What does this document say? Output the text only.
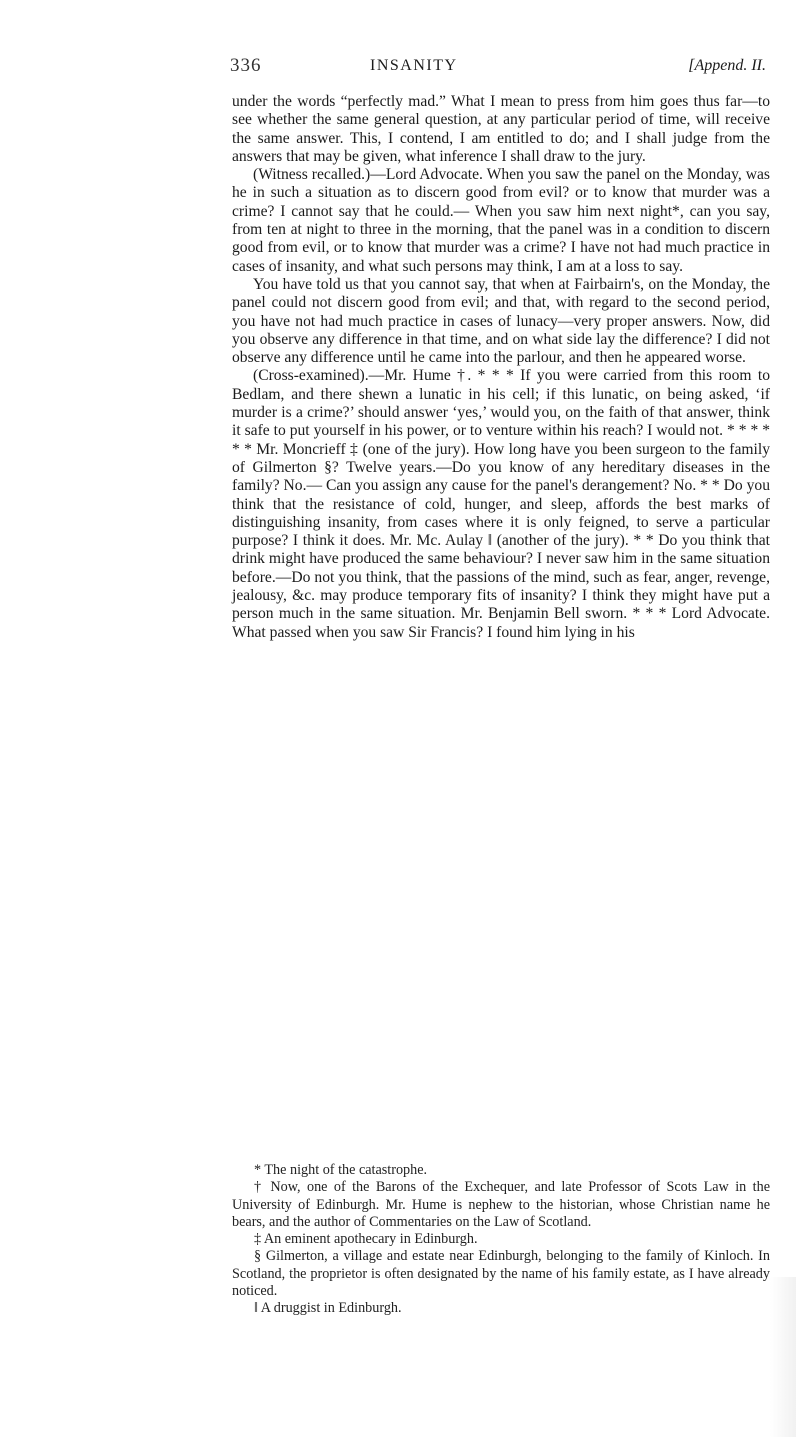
336	INSANITY	[Append. II.

under the words “perfectly mad.” What I mean to press from him goes thus far—to see whether the same general question, at any particular period of time, will receive the same answer. This, I contend, I am entitled to do; and I shall judge from the answers that may be given, what inference I shall draw to the jury.

(Witness recalled.)—Lord Advocate. When you saw the panel on the Monday, was he in such a situation as to discern good from evil? or to know that murder was a crime? I cannot say that he could.— When you saw him next night*, can you say, from ten at night to three in the morning, that the panel was in a condition to discern good from evil, or to know that murder was a crime? I have not had much practice in cases of insanity, and what such persons may think, I am at a loss to say.

You have told us that you cannot say, that when at Fairbairn's, on the Monday, the panel could not discern good from evil; and that, with regard to the second period, you have not had much practice in cases of lunacy—very proper answers. Now, did you observe any difference in that time, and on what side lay the difference? I did not observe any difference until he came into the parlour, and then he appeared worse.

(Cross-examined).—Mr. Hume †. * * * If you were carried from this room to Bedlam, and there shewn a lunatic in his cell; if this lunatic, on being asked, ‘if murder is a crime?’ should answer ‘yes,’ would you, on the faith of that answer, think it safe to put yourself in his power, or to venture within his reach? I would not. * * * * * * Mr. Moncrieff ‡ (one of the jury). How long have you been surgeon to the family of Gilmerton §? Twelve years.—Do you know of any hereditary diseases in the family? No.— Can you assign any cause for the panel's derangement? No. * * Do you think that the resistance of cold, hunger, and sleep, affords the best marks of distinguishing insanity, from cases where it is only feigned, to serve a particular purpose? I think it does. Mr. Mc. Aulay ‖ (another of the jury). * * Do you think that drink might have produced the same behaviour? I never saw him in the same situation before.—Do not you think, that the passions of the mind, such as fear, anger, revenge, jealousy, &c. may produce temporary fits of insanity? I think they might have put a person much in the same situation. Mr. Benjamin Bell sworn. * * * Lord Advocate. What passed when you saw Sir Francis? I found him lying in his

* The night of the catastrophe.

† Now, one of the Barons of the Exchequer, and late Professor of Scots Law in the University of Edinburgh. Mr. Hume is nephew to the historian, whose Christian name he bears, and the author of Commentaries on the Law of Scotland.

‡ An eminent apothecary in Edinburgh.

§ Gilmerton, a village and estate near Edinburgh, belonging to the family of Kinloch. In Scotland, the proprietor is often designated by the name of his family estate, as I have already noticed.

‖ A druggist in Edinburgh.
